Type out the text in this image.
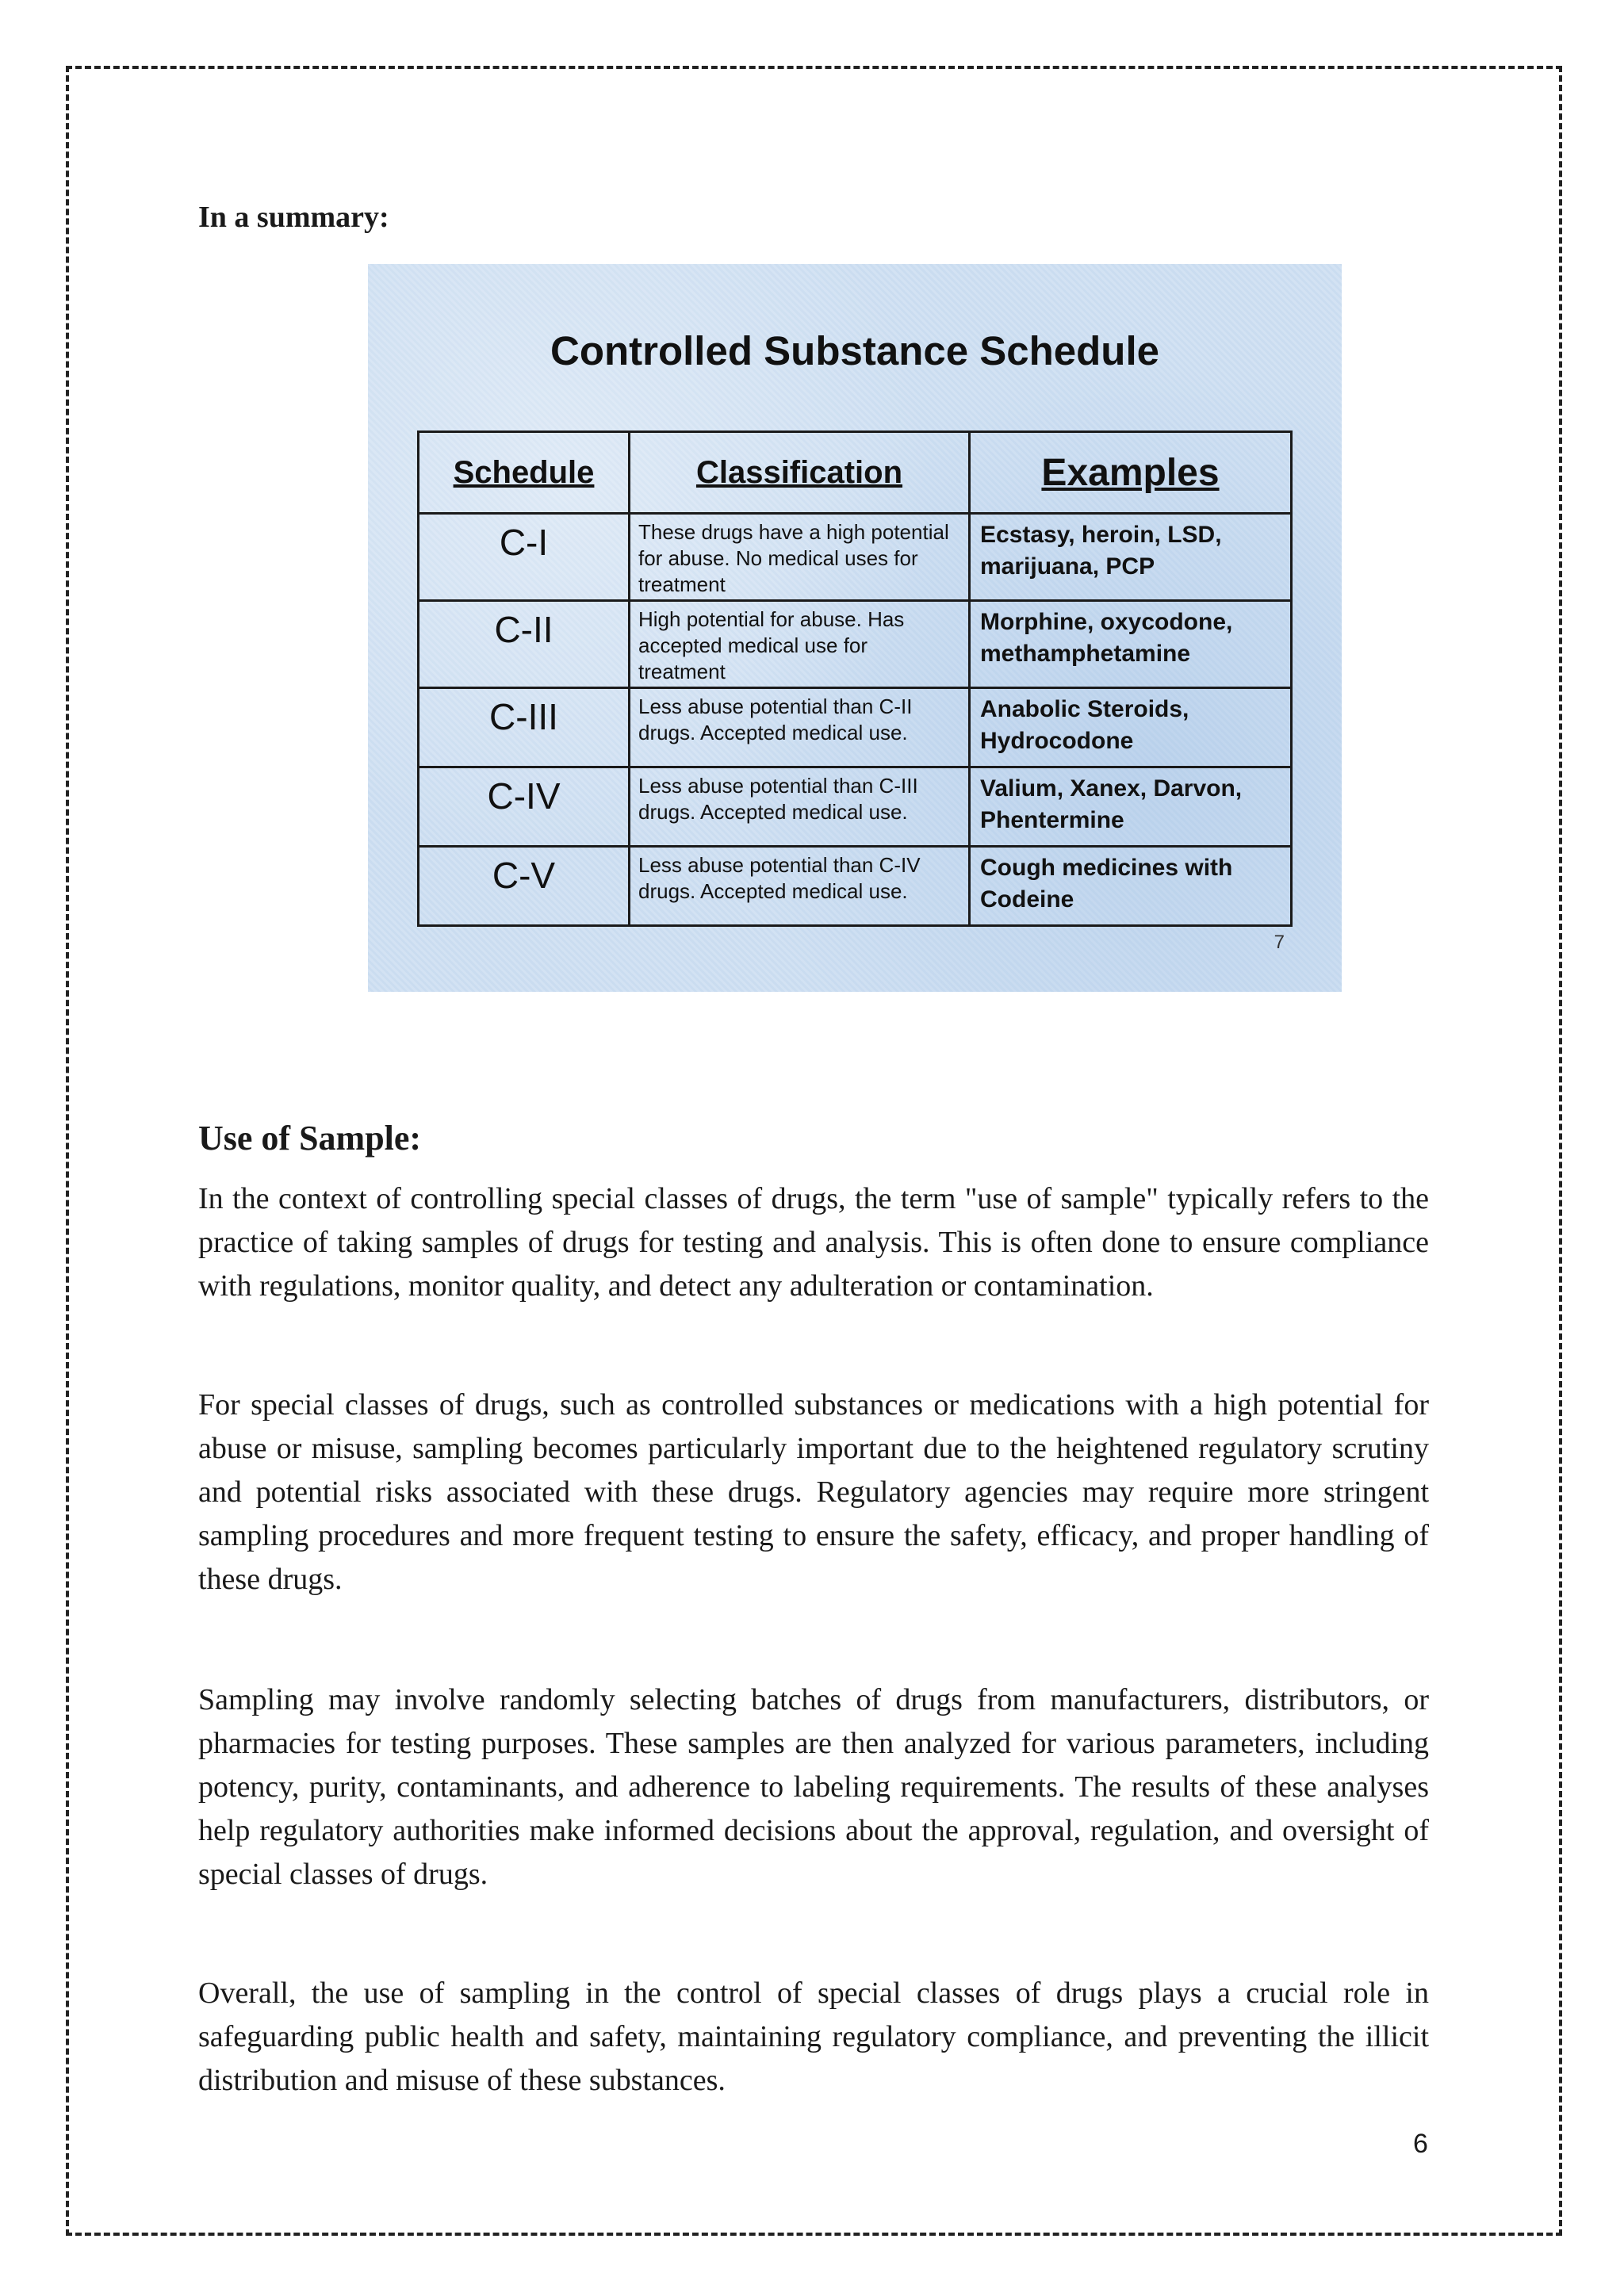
In a summary:
Controlled Substance Schedule
Schedule	Classification	Examples
C-I	These drugs have a high potential for abuse. No medical uses for treatment	Ecstasy, heroin, LSD, marijuana, PCP
C-II	High potential for abuse. Has accepted medical use for treatment	Morphine, oxycodone, methamphetamine
C-III	Less abuse potential than C-II drugs. Accepted medical use.	Anabolic Steroids, Hydrocodone
C-IV	Less abuse potential than C-III drugs. Accepted medical use.	Valium, Xanex, Darvon, Phentermine
C-V	Less abuse potential than C-IV drugs. Accepted medical use.	Cough medicines with Codeine
7
Use of Sample:

In the context of controlling special classes of drugs, the term "use of sample" typically refers to the practice of taking samples of drugs for testing and analysis. This is often done to ensure compliance with regulations, monitor quality, and detect any adulteration or contamination.

For special classes of drugs, such as controlled substances or medications with a high potential for abuse or misuse, sampling becomes particularly important due to the heightened regulatory scrutiny and potential risks associated with these drugs. Regulatory agencies may require more stringent sampling procedures and more frequent testing to ensure the safety, efficacy, and proper handling of these drugs.

Sampling may involve randomly selecting batches of drugs from manufacturers, distributors, or pharmacies for testing purposes. These samples are then analyzed for various parameters, including potency, purity, contaminants, and adherence to labeling requirements. The results of these analyses help regulatory authorities make informed decisions about the approval, regulation, and oversight of special classes of drugs.

Overall, the use of sampling in the control of special classes of drugs plays a crucial role in safeguarding public health and safety, maintaining regulatory compliance, and preventing the illicit distribution and misuse of these substances.

6
